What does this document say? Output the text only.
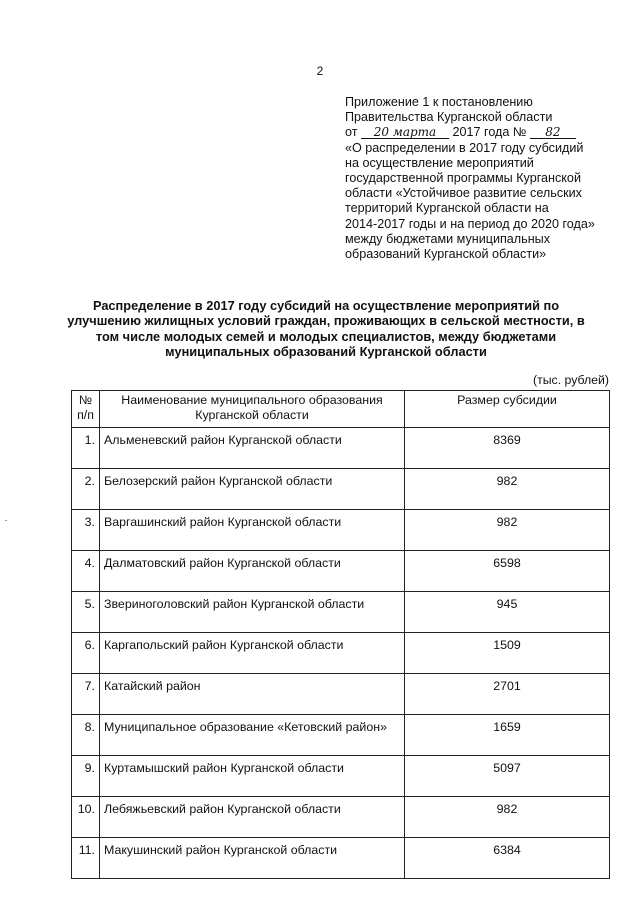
2
Приложение 1 к постановлению
Правительства Курганской области
от 20 марта 2017 года № 82
«О распределении в 2017 году субсидий
на осуществление мероприятий
государственной программы Курганской
области «Устойчивое развитие сельских
территорий Курганской области на
2014-2017 годы и на период до 2020 года»
между бюджетами муниципальных
образований Курганской области»
Распределение в 2017 году субсидий на осуществление мероприятий по
улучшению жилищных условий граждан, проживающих в сельской местности, в
том числе молодых семей и молодых специалистов, между бюджетами
муниципальных образований Курганской области
(тыс. рублей)
№
п/п	Наименование муниципального образования Курганской области	Размер субсидии
1.	Альменевский район Курганской области	8369
2.	Белозерский район Курганской области	982
3.	Варгашинский район Курганской области	982
4.	Далматовский район Курганской области	6598
5.	Звериноголовский район Курганской области	945
6.	Каргапольский район Курганской области	1509
7.	Катайский район	2701
8.	Муниципальное образование «Кетовский район»	1659
9.	Куртамышский район Курганской области	5097
10.	Лебяжьевский район Курганской области	982
11.	Макушинский район Курганской области	6384
